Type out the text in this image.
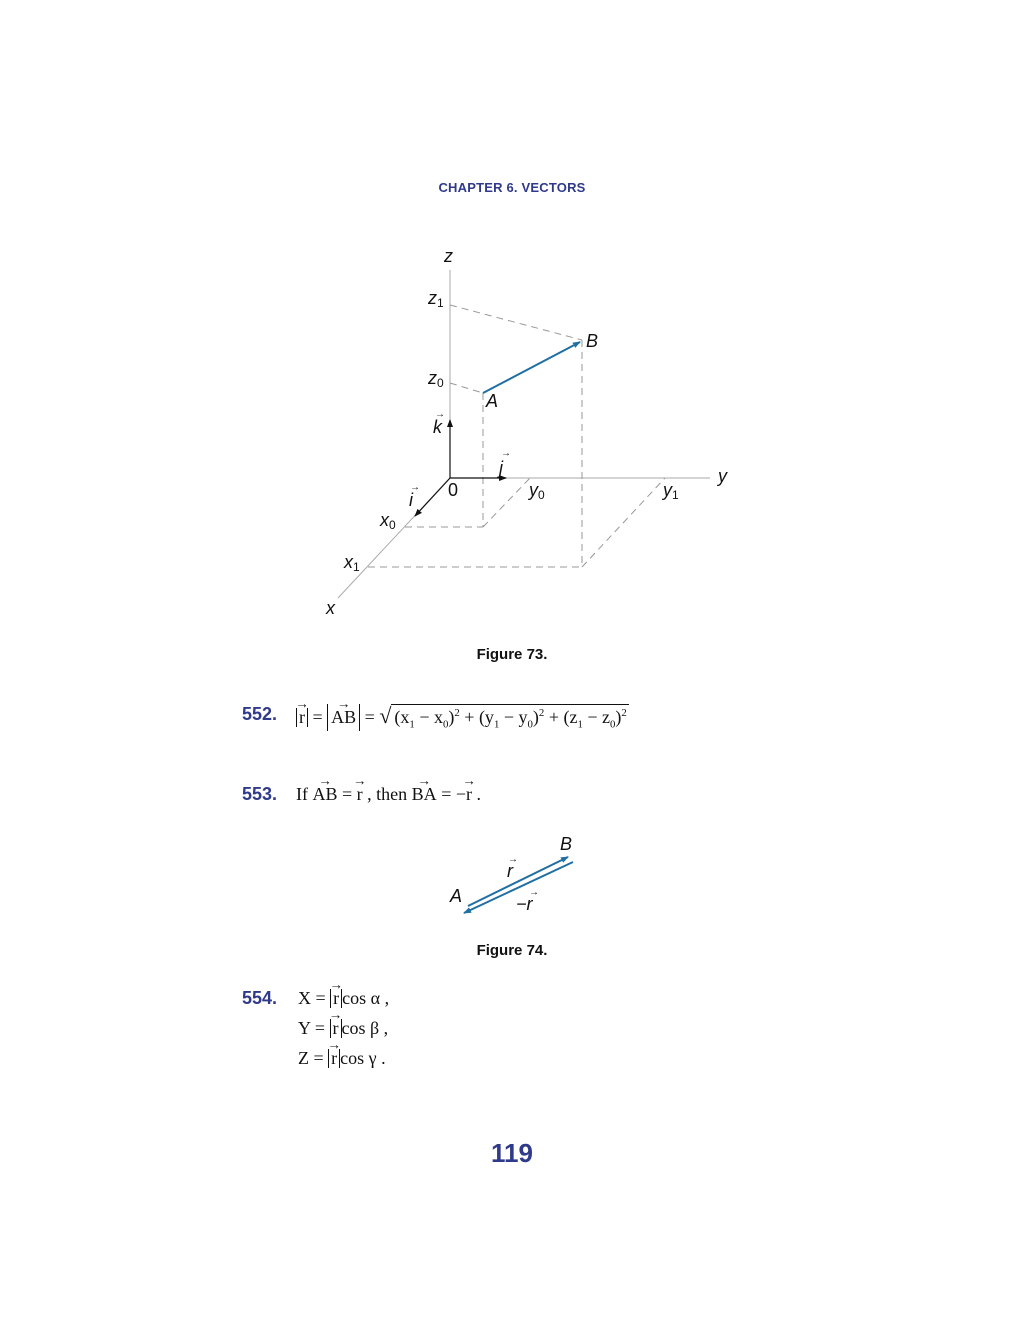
CHAPTER 6. VECTORS
z
z1
z0
B
A
k
→
j
→
i
→ 0	y0	y1
y
x0
x1
x
Figure 73.
552. → r = → AB = √ $(x_1 - x_0)^2 + (y_1 - y_0)^2 + (z_1 - z_0)^2$
553. If → AB = → r , then → BA = −→ r .
B
A
r
→
−r
→
Figure 74.
554. X = → r cos α ,
Y = → r cos β ,
Z = → r cos γ .
119
